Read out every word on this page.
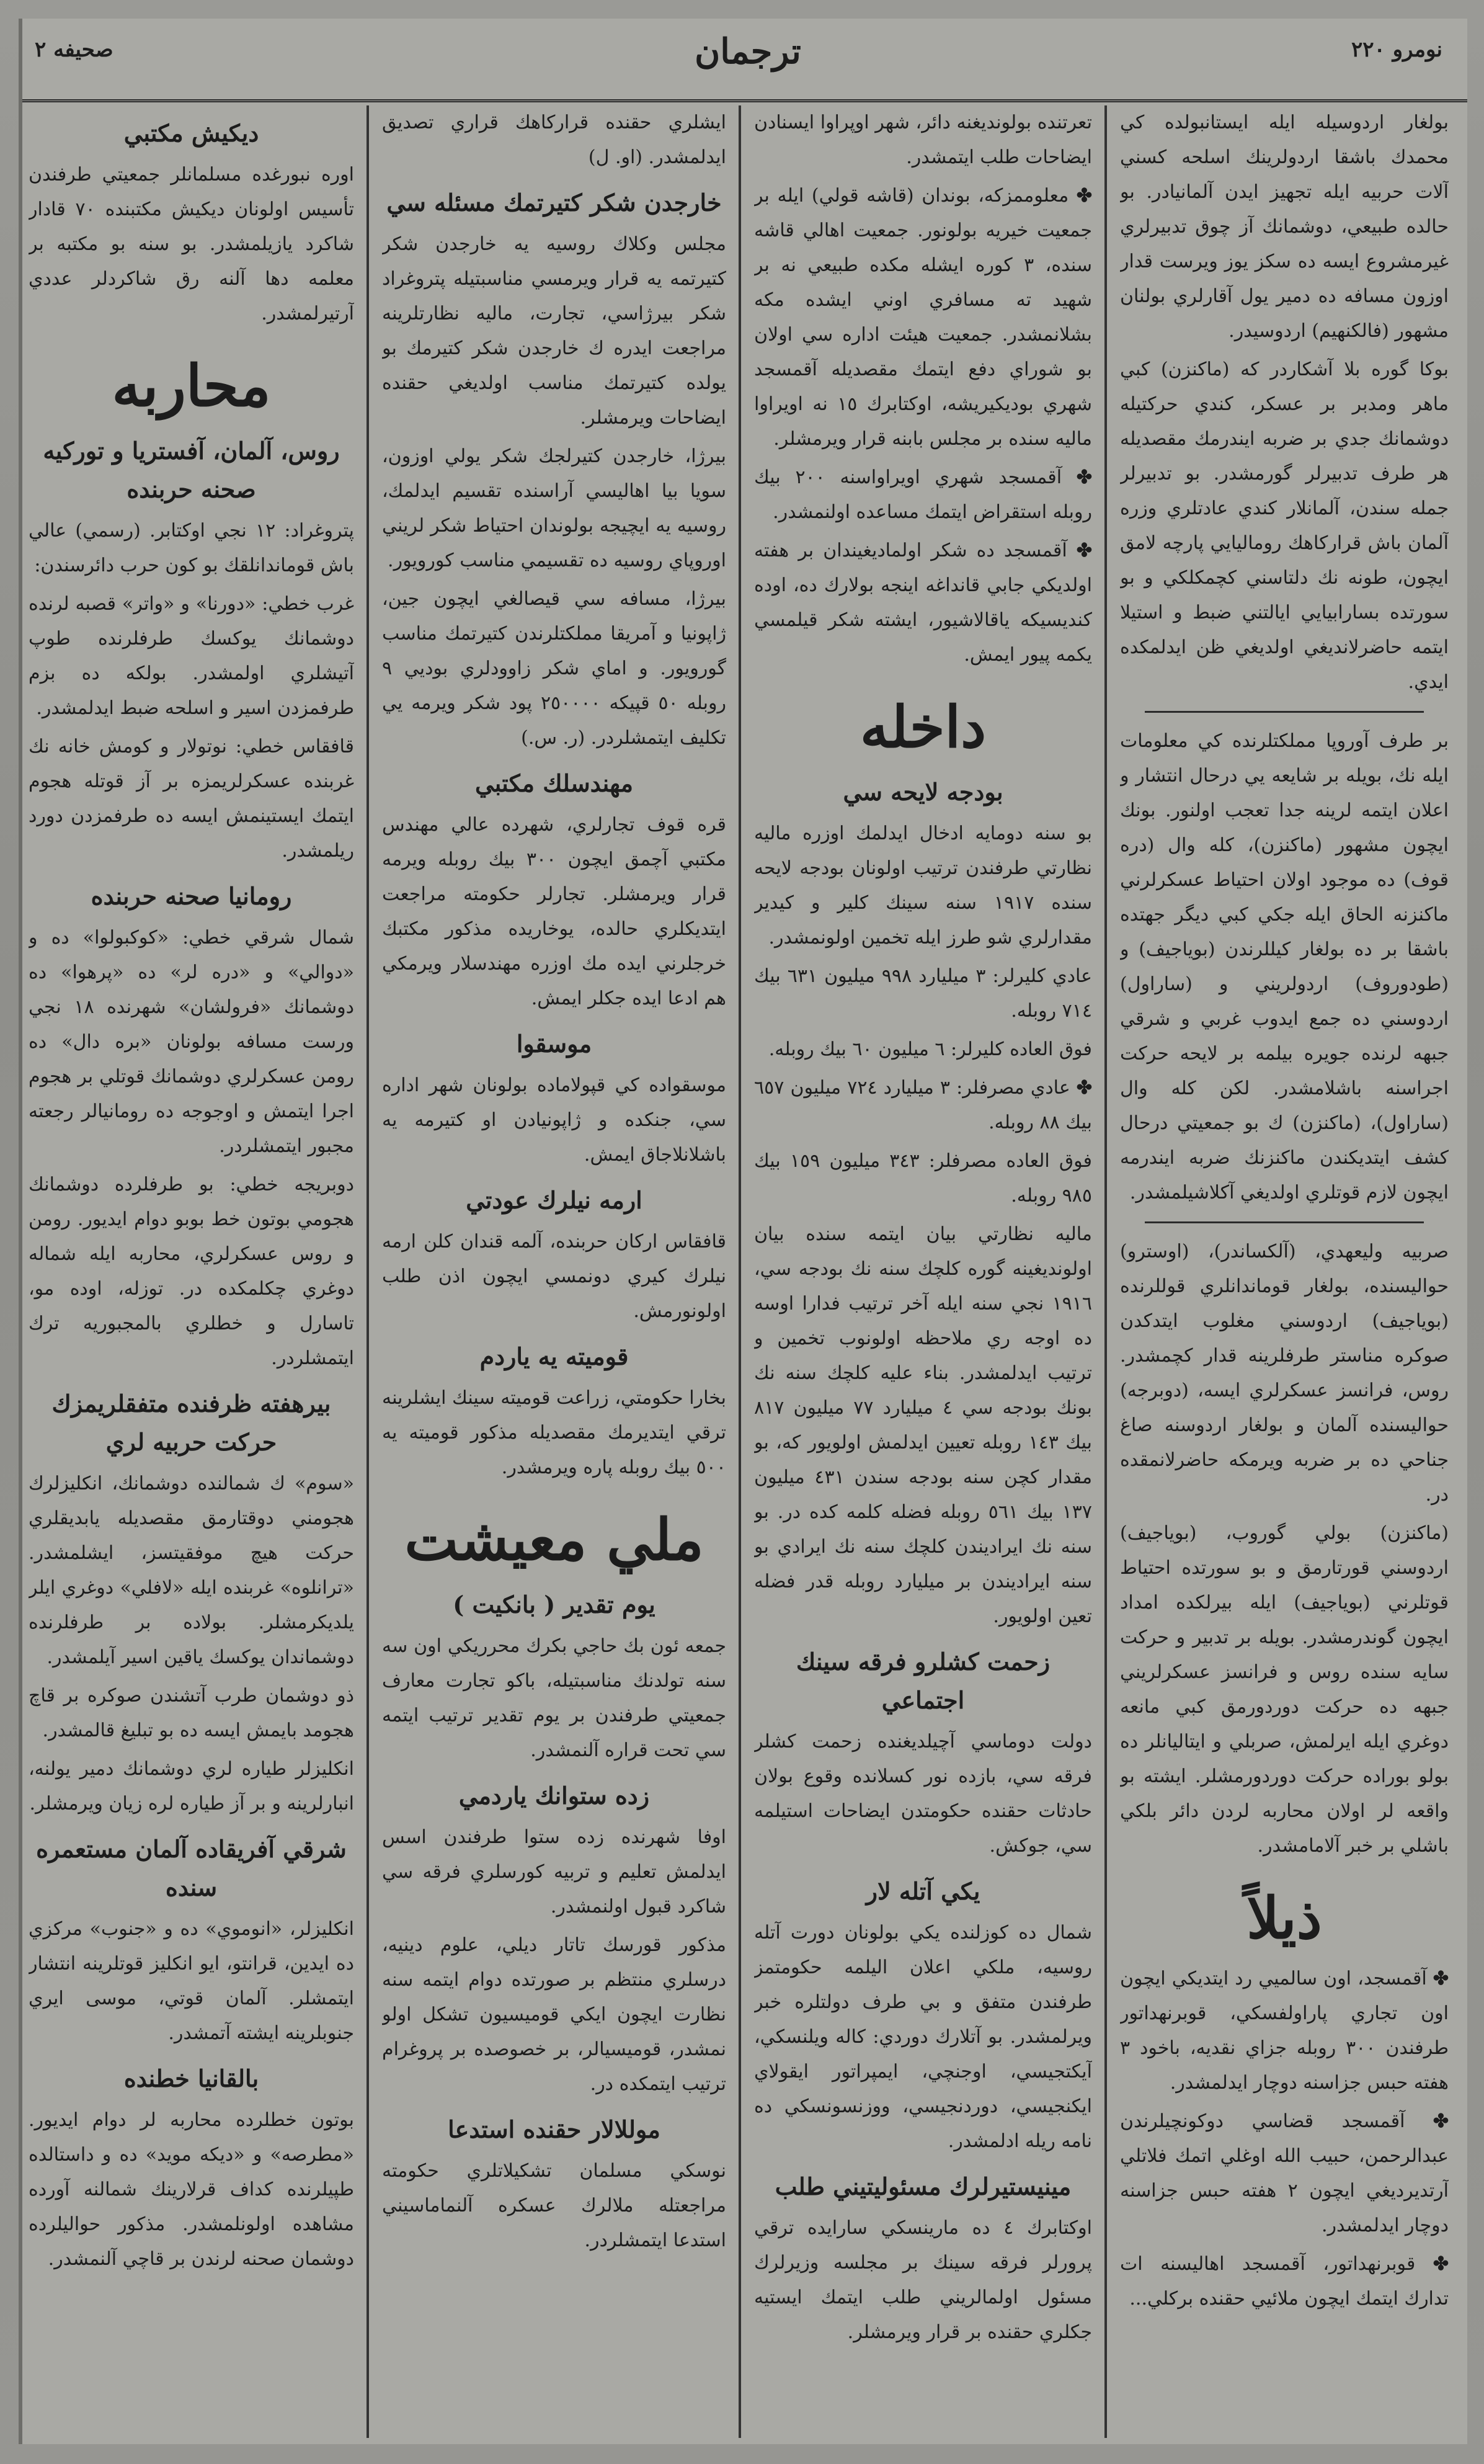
صحيفه ٢	ترجمان	نومرو ٢٢٠
بولغار اردوسيله ايله ايستانبولده كي محمدك باشقا اردولرينك اسلحه كسني آلات حربيه ايله تجهيز ايدن آلمانيادر. بو حالده طبيعي، دوشمانك آز چوق تدبيرلري غيرمشروع ايسه ده سكز يوز ويرست قدار اوزون مسافه ده دمير يول آقارلري بولنان مشهور (فالكنهيم) اردوسيدر.
بوكا گوره بلا آشكاردر كه (ماكنزن) كبي ماهر ومدبر بر عسكر، كندي حركتيله دوشمانك جدي بر ضربه ايندرمك مقصديله هر طرف تدبيرلر گورمشدر. بو تدبيرلر جمله سندن، آلمانلار كندي عادتلري وزره آلمان باش قراركاهك روماليايي پارچه لامق ايچون، طونه نك دلتاسني كچمكلكي و بو سورتده بسارابيايي ايالتني ضبط و استيلا ايتمه حاضرلانديغي اولديغي ظن ايدلمكده ايدي.
بر طرف آوروپا مملكتلرنده كي معلومات ايله نك، بويله بر شايعه يي درحال انتشار و اعلان ايتمه لرينه جدا تعجب اولنور. بونك ايچون مشهور (ماكنزن)، كله وال (دره قوف) ده موجود اولان احتياط عسكرلرني ماكنزنه الحاق ايله جكي كبي ديگر جهتده باشقا بر ده بولغار كيللرندن (بوياجيف) و (طودوروف) اردولريني و (ساراول) اردوسني ده جمع ايدوب غربي و شرقي جبهه لرنده جويره بيلمه بر لايحه حركت اجراسنه باشلامشدر. لكن كله وال (ساراول)، (ماكنزن) ك بو جمعيتي درحال كشف ايتديكندن ماكنزنك ضربه ايندرمه ايچون لازم قوتلري اولديغي آكلاشيلمشدر.
صربيه وليعهدي، (آلكساندر)، (اوسترو) حواليسنده، بولغار قوماندانلري قوللرنده (بوياجيف) اردوسني مغلوب ايتدكدن صوكره مناستر طرفلرينه قدار كچمشدر. روس، فرانسز عسكرلري ايسه، (دوبرجه) حواليسنده آلمان و بولغار اردوسنه صاغ جناحي ده بر ضربه ويرمكه حاضرلانمقده در.
(ماكنزن) بولي گوروب، (بوياجيف) اردوسني قورتارمق و بو سورتده احتياط قوتلرني (بوياجيف) ايله بيرلكده امداد ايچون گوندرمشدر. بويله بر تدبير و حركت سايه سنده روس و فرانسز عسكرلريني جبهه ده حركت دوردورمق كبي مانعه دوغري ايله ايرلمش، صربلي و ايتاليانلر ده بولو بوراده حرکت دوردورمشلر. ايشته بو واقعه لر اولان محاربه لردن دائر بلكي باشلي بر خبر آلامامشدر.
ذيلاً
✤ آقمسجد، اون سالميي رد ايتديكي ايچون اون تجاري پاراولفسكي، قوبرنهداتور طرفندن ٣٠٠ روبله جزاي نقديه، باخود ٣ هفته حبس جزاسنه دوچار ايدلمشدر.
✤ آقمسجد قضاسي دوكونچيلرندن عبدالرحمن، حبيب الله اوغلي اتمك فلاتلي آرتديرديغي ايچون ٢ هفته حبس جزاسنه دوچار ايدلمشدر.
✤ قوبرنهداتور، آقمسجد اهاليسنه ات تدارك ايتمك ايچون ملائيي حقنده بركلي...
تعرتنده بولونديغنه دائر، شهر اوپراوا ايسنادن ايضاحات طلب ايتمشدر.
✤ معلوممزكه، بوندان (قاشه قولي) ايله بر جمعيت خيريه بولونور. جمعيت اهالي قاشه سنده، ٣ كوره ايشله مكده طبيعي نه بر شهيد ته مسافري اوني ايشده مكه بشلانمشدر. جمعيت هيئت اداره سي اولان بو شوراي دفع ايتمك مقصديله آقمسجد شهري بوديكيريشه، اوكتابرك ١٥ نه اويراوا ماليه سنده بر مجلس بابنه قرار ويرمشلر.
✤ آقمسجد شهري اويراواسنه ٢٠٠ بيك روبله استقراض ايتمك مساعده اولنمشدر.
✤ آقمسجد ده شكر اولماديغيندان بر هفته اولديكي جابي قانداغه اينجه بولارك ده، اوده كنديسيكه ياقالاشيور، ايشته شكر قيلمسي يكمه پيور ايمش.
داخله
بودجه لايحه سي
بو سنه دومايه ادخال ايدلمك اوزره ماليه نظارتي طرفندن ترتيب اولونان بودجه لايحه سنده ١٩١٧ سنه سينك كلير و كيدير مقدارلري شو طرز ايله تخمين اولونمشدر.
عادي كليرلر: ٣ ميليارد ٩٩٨ ميليون ٦٣١ بيك ٧١٤ روبله.
فوق العاده كليرلر: ٦ ميليون ٦٠ بيك روبله.
✤ عادي مصرفلر: ٣ ميليارد ٧٢٤ ميليون ٦٥٧ بيك ٨٨ روبله.
فوق العاده مصرفلر: ٣٤٣ ميليون ١٥٩ بيك ٩٨٥ روبله.
ماليه نظارتي بيان ايتمه سنده بيان اولونديغينه گوره كلچك سنه نك بودجه سي، ١٩١٦ نجي سنه ايله آخر ترتيب فدارا اوسه ده اوجه ري ملاحظه اولونوب تخمين و ترتيب ايدلمشدر. بناء عليه كلچك سنه نك بونك بودجه سي ٤ ميليارد ٧٧ ميليون ٨١٧ بيك ١٤٣ روبله تعيين ايدلمش اولويور كه، بو مقدار كچن سنه بودجه سندن ٤٣١ ميليون ١٣٧ بيك ٥٦١ روبله فضله كلمه كده در. بو سنه نك ايراديندن كلچك سنه نك ايرادي بو سنه ايراديندن بر ميليارد روبله قدر فضله تعين اولويور.
زحمت كشلرو فرقه سينك اجتماعي
دولت دوماسي آچيلديغنده زحمت كشلر فرقه سي، بازده نور كسلانده وقوع بولان حادثات حقنده حكومتدن ايضاحات استيلمه سي، جوكش.
يكي آتله لار
شمال ده كوزلنده يكي بولونان دورت آتله روسيه، ملكي اعلان اليلمه حكومتمز طرفندن متفق و بي طرف دولتلره خبر ويرلمشدر. بو آتلارك دوردي: كاله ويلنسكي، آيكتجيسي، اوجنچي، ايمپراتور ايقولاي ايكنجيسي، دوردنجيسي، ووزنسونسكي ده نامه ريله ادلمشدر.
مينيستيرلرك مسئوليتيني طلب
اوكتابرك ٤ ده مارينسكي سارايده ترقي پرورلر فرقه سينك بر مجلسه وزيرلرك مسئول اولمالريني طلب ايتمك ايستيه جكلري حقنده بر قرار ويرمشلر.
ايشلري حقنده قراركاهك قراري تصديق ايدلمشدر. (او. ل)
خارجدن شكر كتيرتمك مسئله سي
مجلس وكلاك روسيه يه خارجدن شكر كتيرتمه يه قرار ويرمسي مناسبتيله پتروغراد شكر بيرژاسي، تجارت، ماليه نظارتلرينه مراجعت ايدره ك خارجدن شكر كتيرمك بو يولده كتيرتمك مناسب اولديغي حقنده ايضاحات ويرمشلر.
بيرژا، خارجدن كتيرلجك شكر يولي اوزون، سويا بيا اهاليسي آراسنده تقسيم ايدلمك، روسيه يه ايچيجه بولوندان احتياط شكر لريني اوروپاي روسيه ده تقسيمي مناسب كورويور.
بيرژا، مسافه سي قيصالغي ايچون جين، ژاپونيا و آمريقا مملكتلرندن كتيرتمك مناسب گورويور. و اماي شكر زاوودلري بوديي ٩ روبله ٥٠ قپيكه ٢٥٠٠٠٠ پود شكر ويرمه يي تكليف ايتمشلردر. (ر. س.)
مهندسلك مكتبي
قره قوف تجارلري، شهرده عالي مهندس مكتبي آچمق ايچون ٣٠٠ بيك روبله ويرمه قرار ويرمشلر. تجارلر حكومته مراجعت ايتديكلري حالده، يوخاريده مذكور مكتبك خرجلرني ايده مك اوزره مهندسلار ويرمكي هم ادعا ايده جكلر ايمش.
موسقوا
موسقواده كي قپولاماده بولونان شهر اداره سي، جنكده و ژاپونيادن او كتيرمه يه باشلانلاجاق ايمش.
ارمه نيلرك عودتي
قافقاس اركان حربنده، آلمه قندان كلن ارمه نيلرك كيري دونمسي ايچون اذن طلب اولونورمش.
قوميته يه ياردم
بخارا حكومتي، زراعت قوميته سينك ايشلرينه ترقي ايتديرمك مقصديله مذكور قوميته يه ٥٠٠ بيك روبله پاره ويرمشدر.
ملي معيشت
يوم تقدير ( بانكيت )
جمعه ئون بك حاجي بكرك محرريكي اون سه سنه تولدنك مناسبتيله، باكو تجارت معارف جمعيتي طرفندن بر يوم تقدير ترتيب ايتمه سي تحت قراره آلنمشدر.
زده ستوانك ياردمي
اوفا شهرنده زده ستوا طرفندن اسس ايدلمش تعليم و تربيه كورسلري فرقه سي شاكرد قبول اولنمشدر.
مذكور قورسك تاتار ديلي، علوم دينيه، درسلري منتظم بر صورتده دوام ايتمه سنه نظارت ايچون ايكي قوميسيون تشكل اولو نمشدر، قوميسيالر، بر خصوصده بر پروغرام ترتيب ايتمكده در.
موللالار حقنده استدعا
نوسكي مسلمان تشكيلاتلري حكومته مراجعتله ملالرك عسكره آلنماماسيني استدعا ايتمشلردر.
ديكيش مكتبي
اوره نبورغده مسلمانلر جمعيتي طرفندن تأسيس اولونان ديكيش مكتبنده ٧٠ قادار شاكرد يازيلمشدر. بو سنه بو مكتبه بر معلمه دها آلنه رق شاكردلر عددي آرتيرلمشدر.
محاربه
روس، آلمان، آفستريا و توركيه صحنه حربنده
پتروغراد: ١٢ نجي اوكتابر. (رسمي) عالي باش قوماندانلقك بو كون حرب دائرسندن:
غرب خطي: «دورنا» و «واتر» قصبه لرنده دوشمانك يوكسك طرفلرنده طوپ آتيشلري اولمشدر. بولكه ده بزم طرفمزدن اسير و اسلحه ضبط ايدلمشدر.
قافقاس خطي: نوتولار و كومش خانه نك غربنده عسكرلريمزه بر آز قوتله هجوم ايتمك ايستينمش ايسه ده طرفمزدن دورد ريلمشدر.
رومانيا صحنه حربنده
شمال شرقي خطي: «كوكبولوا» ده و «دوالي» و «دره لر» ده «پرهوا» ده دوشمانك «فرولشان» شهرنده ١٨ نجي ورست مسافه بولونان «بره دال» ده رومن عسكرلري دوشمانك قوتلي بر هجوم اجرا ايتمش و اوجوجه ده رومانيالر رجعته مجبور ايتمشلردر.
دوبريجه خطي: بو طرفلرده دوشمانك هجومي بوتون خط بوبو دوام ايديور. رومن و روس عسكرلري، محاربه ايله شماله دوغري چكلمكده در. توزله، اوده مو، تاسارل و خطلري بالمجبوريه ترك ايتمشلردر.
بيرهفته ظرفنده متفقلريمزك حركت حربيه لري
«سوم» ك شمالنده دوشمانك، انكليزلرك هجومني دوقتارمق مقصديله يابديقلري حركت هيچ موفقيتسز، ايشلمشدر. «ترانلوه» غربنده ايله «لافلي» دوغري ايلر يلديكرمشلر. بولاده بر طرفلرنده دوشماندان يوكسك ياقين اسير آيلمشدر.
ذو دوشمان طرب آتشندن صوكره بر قاچ هجومد بايمش ايسه ده بو تبليغ قالمشدر.
انكليزلر طياره لري دوشمانك دمير يولنه، انبارلرينه و بر آز طياره لره زيان ويرمشلر.
شرقي آفريقاده آلمان مستعمره سنده
انكليزلر، «انوموي» ده و «جنوب» مركزي ده ايدين، قرانتو، ايو انكليز قوتلرينه انتشار ايتمشلر. آلمان قوتي، موسى ايري جنوبلرينه ايشته آتمشدر.
بالقانيا خطنده
بوتون خطلرده محاربه لر دوام ايديور. «مطرصه» و «ديكه مويد» ده و داستالده طپيلرنده كداف قرلارينك شمالنه آورده مشاهده اولونلمشدر. مذكور حواليلرده دوشمان صحنه لرندن بر قاچي آلنمشدر.
